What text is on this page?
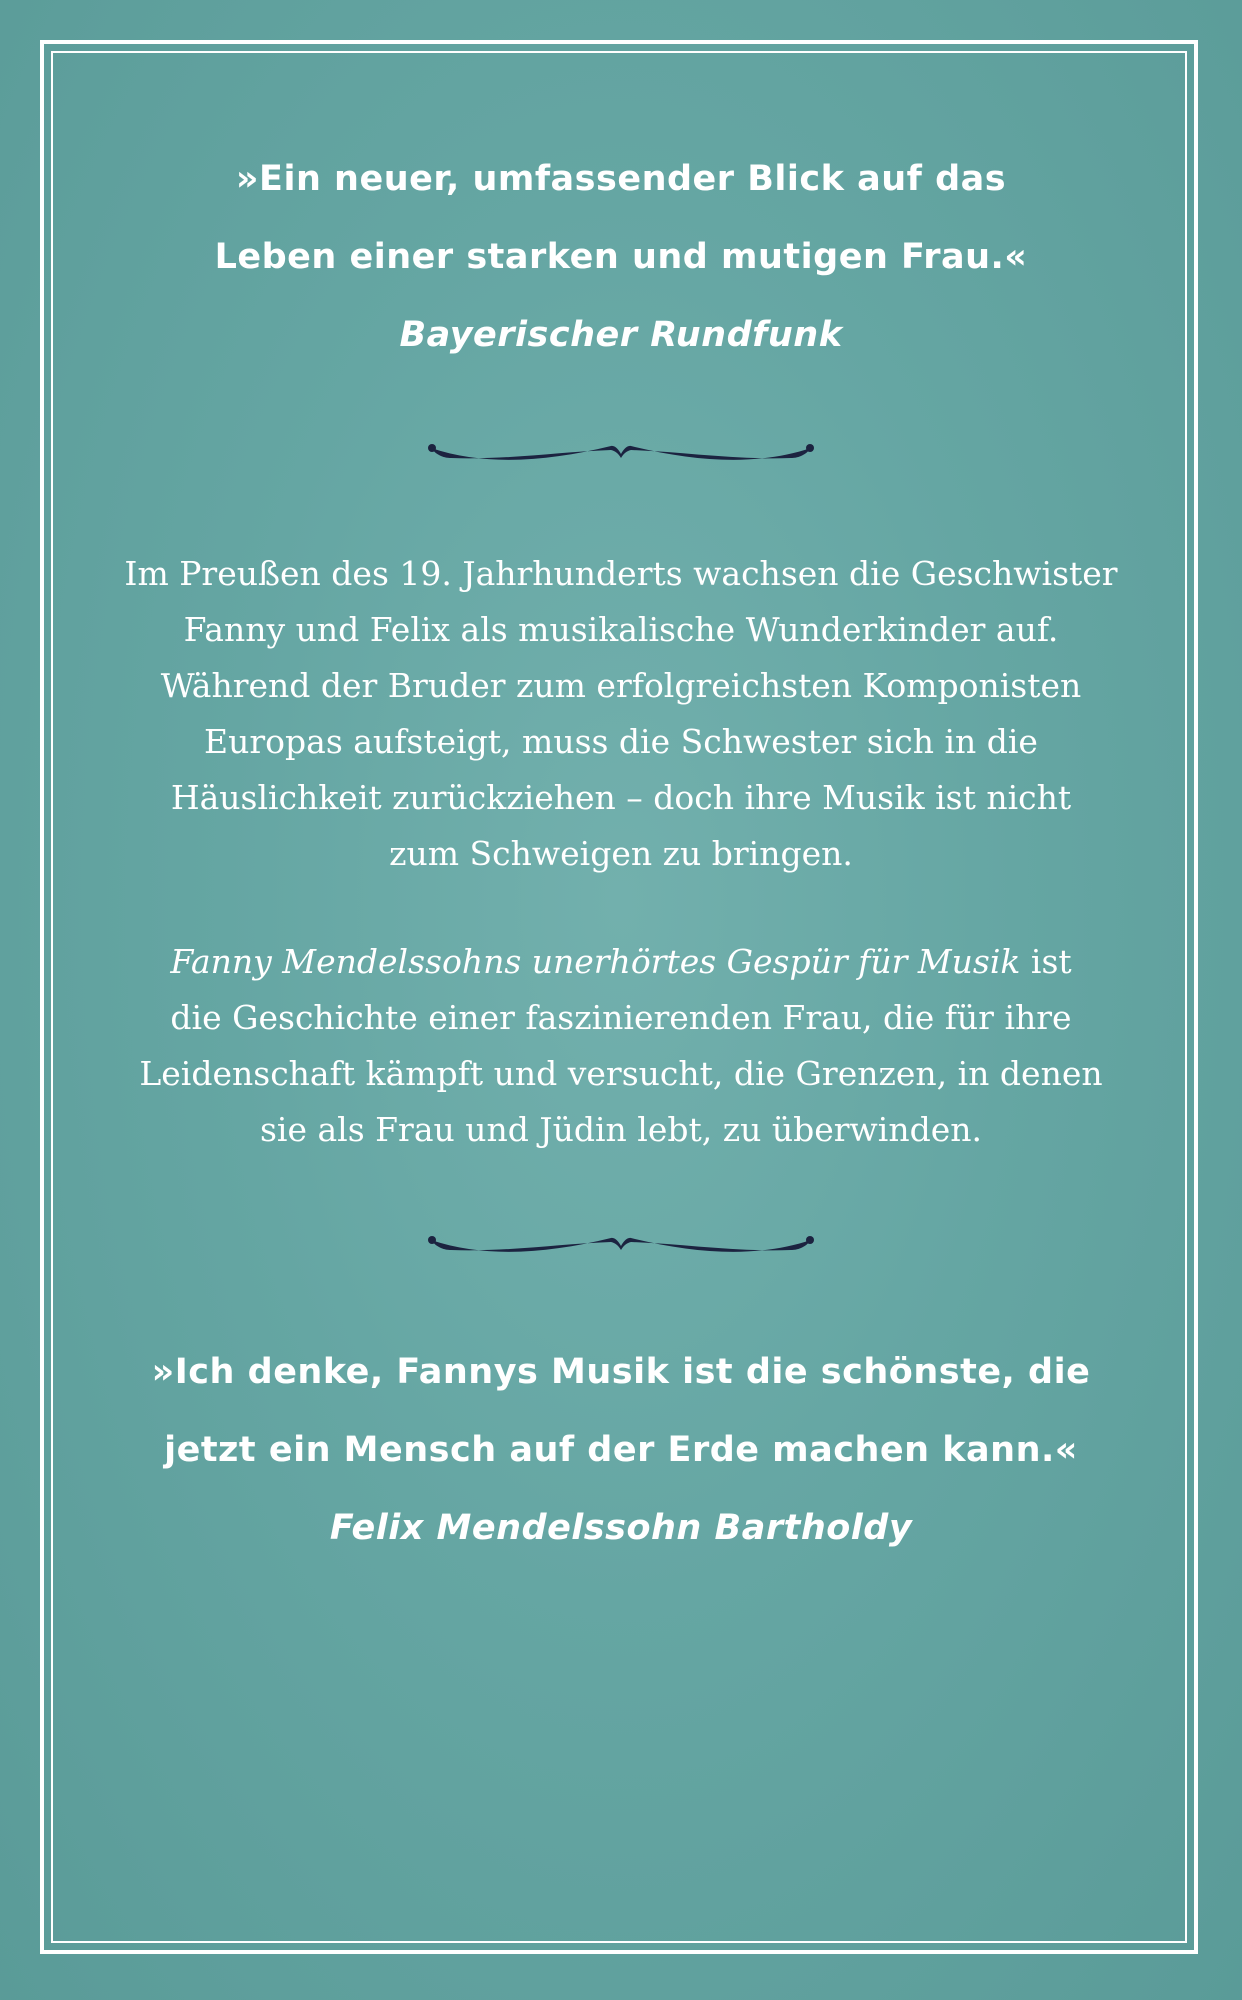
»Ein neuer, umfassender Blick auf das
Leben einer starken und mutigen Frau.«
Bayerischer Rundfunk
Im Preußen des 19. Jahrhunderts wachsen die Geschwister
Fanny und Felix als musikalische Wunderkinder auf.
Während der Bruder zum erfolgreichsten Komponisten
Europas aufsteigt, muss die Schwester sich in die
Häuslichkeit zurückziehen – doch ihre Musik ist nicht
zum Schweigen zu bringen.
Fanny Mendelssohns unerhörtes Gespür für Musik ist
die Geschichte einer faszinierenden Frau, die für ihre
Leidenschaft kämpft und versucht, die Grenzen, in denen
sie als Frau und Jüdin lebt, zu überwinden.
»Ich denke, Fannys Musik ist die schönste, die
jetzt ein Mensch auf der Erde machen kann.«
Felix Mendelssohn Bartholdy
